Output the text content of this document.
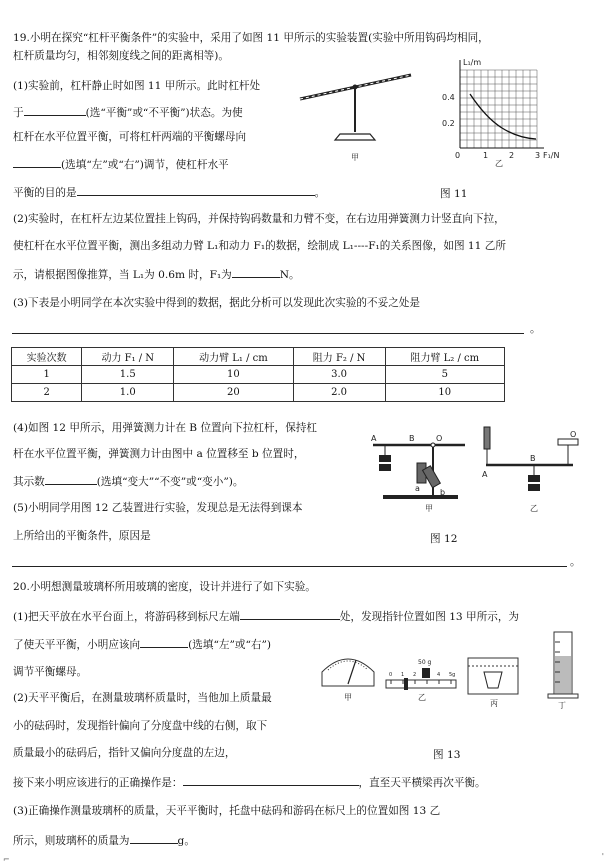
19.小明在探究“杠杆平衡条件”的实验中，采用了如图 11 甲所示的实验装置(实验中所用钩码均相同，
杠杆质量均匀，相邻刻度线之间的距离相等)。
(1)实验前，杠杆静止时如图 11 甲所示。此时杠杆处
于	(选“平衡”或“不平衡”)状态。为使
杠杆在水平位置平衡，可将杠杆两端的平衡螺母向
(选填“左”或“右”)调节，使杠杆水平
平衡的目的是	。	图 11
甲
L₁/m
0.4
0.2
0	1	2	3 F₁/N
乙
(2)实验时，在杠杆左边某位置挂上钩码，并保持钩码数量和力臂不变，在右边用弹簧测力计竖直向下拉，
使杠杆在水平位置平衡，测出多组动力臂 L₁和动力 F₁的数据，绘制成 L₁----F₁的关系图像，如图 11 乙所
示，请根据图像推算，当 L₁为 0.6m 时，F₁为	N。
(3)下表是小明同学在本次实验中得到的数据，据此分析可以发现此次实验的不妥之处是
。
实验次数	动力 F₁ / N	动力臂 L₁ / cm	阻力 F₂ / N	阻力臂 L₂ / cm
1	1.5	10	3.0	5
2	1.0	20	2.0	10
(4)如图 12 甲所示，用弹簧测力计在 B 位置向下拉杠杆，保持杠
杆在水平位置平衡，弹簧测力计由图中 a 位置移至 b 位置时，
其示数	(选填“变大”“不变”或“变小”)。
(5)小明同学用图 12 乙装置进行实验，发现总是无法得到课本
上所给出的平衡条件，原因是	图 12
。
A	B	O
a	b
甲
A
B
O
乙
20.小明想测量玻璃杯所用玻璃的密度，设计并进行了如下实验。
(1)把天平放在水平台面上，将游码移到标尺左端	处，发现指针位置如图 13 甲所示，为
了使天平平衡，小明应该向	(选填“左”或“右”)
调节平衡螺母。
(2)天平平衡后，在测量玻璃杯质量时，当他加上质量最
小的砝码时，发现指针偏向了分度盘中线的右侧，取下
质量最小的砝码后，指针又偏向分度盘的左边，	图 13
接下来小明应该进行的正确操作是：	，直至天平横梁再次平衡。
(3)正确操作测量玻璃杯的质量，天平平衡时，托盘中砝码和游码在标尺上的位置如图 13 乙
所示，则玻璃杯的质量为	g。
甲
50 g
0 1 2	4 5g
乙
丙	丁
⌐	'
